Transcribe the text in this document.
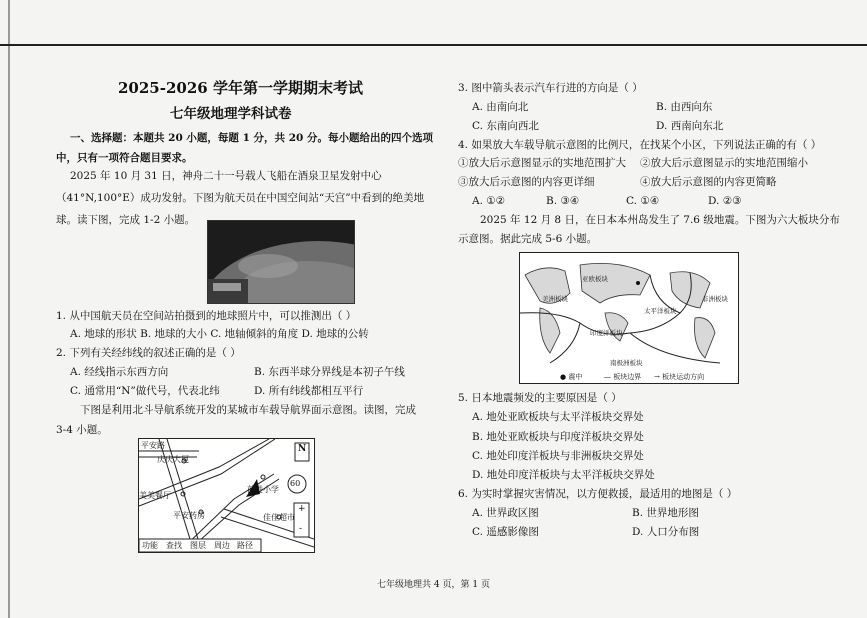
2025-2026 学年第一学期期末考试
七年级地理学科试卷
一、选择题：本题共 20 小题，每题 1 分，共 20 分。每小题给出的四个选项
中，只有一项符合题目要求。
2025 年 10 月 31 日，神舟二十一号载人飞船在酒泉卫星发射中心
（41°N,100°E）成功发射。下图为航天员在中国空间站“天宫”中看到的绝美地
球。读下图，完成 1-2 小题。
1. 从中国航天员在空间站拍摄到的地球照片中，可以推测出（ ）
A. 地球的形状 B. 地球的大小 C. 地轴倾斜的角度 D. 地球的公转
2. 下列有关经纬线的叙述正确的是（ ）
A. 经线指示东西方向	B. 东西半球分界线是本初子午线
C. 通常用“N”做代号，代表北纬	D. 所有纬线都相互平行
下图是利用北斗导航系统开发的某城市车载导航界面示意图。读图，完成
3-4 小题。
平安路
庆庆大厦
美美餐厅
平安药房
前进小学
佳佳超市
N
60
+
-
功能 查找 图层 周边 路径
3. 图中箭头表示汽车行进的方向是（ ）
A. 由南向北	B. 由西向东
C. 东南向西北	D. 西南向东北
4. 如果放大车载导航示意图的比例尺，在找某个小区，下列说法正确的有（ ）
①放大后示意图显示的实地范围扩大 ②放大后示意图显示的实地范围缩小
③放大后示意图的内容更详细	④放大后示意图的内容更简略
A. ①②	B. ③④	C. ①④	D. ②③
2025 年 12 月 8 日，在日本本州岛发生了 7.6 级地震。下图为六大板块分布
示意图。据此完成 5-6 小题。
亚欧板块
太平洋板块
印度洋板块
美洲板块	非洲板块
南极洲板块
● 震中	— 板块边界 → 板块运动方向
5. 日本地震频发的主要原因是（ ）
A. 地处亚欧板块与太平洋板块交界处
B. 地处亚欧板块与印度洋板块交界处
C. 地处印度洋板块与非洲板块交界处
D. 地处印度洋板块与太平洋板块交界处
6. 为实时掌握灾害情况，以方便救援，最适用的地图是（ ）
A. 世界政区图	B. 世界地形图
C. 遥感影像图	D. 人口分布图
七年级地理共 4 页，第 1 页
